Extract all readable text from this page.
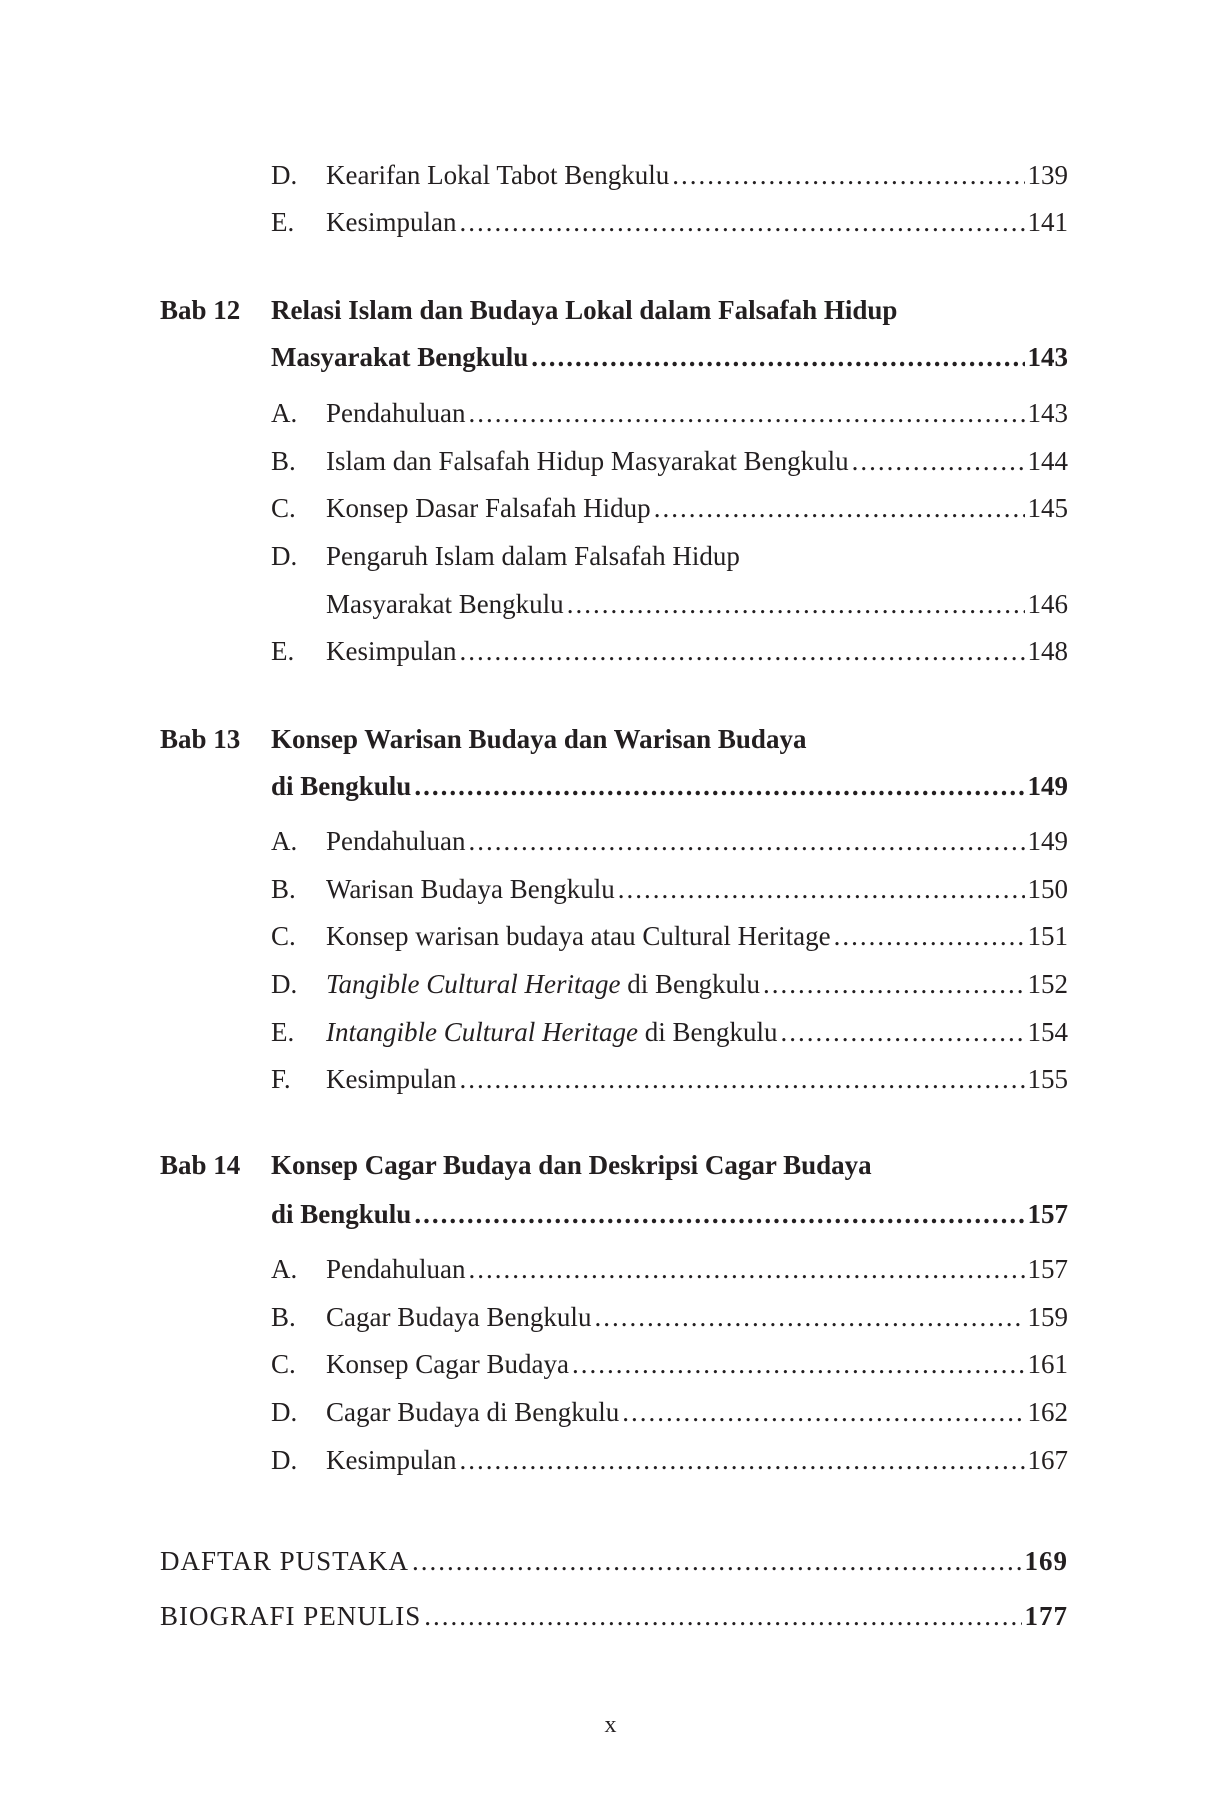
D. Kearifan Lokal Tabot Bengkulu .....	139
E. Kesimpulan .....	141
Bab 12 Relasi Islam dan Budaya Lokal dalam Falsafah Hidup
Masyarakat Bengkulu .....	143
A. Pendahuluan .....	143
B. Islam dan Falsafah Hidup Masyarakat Bengkulu .....	144
C. Konsep Dasar Falsafah Hidup .....	145
D. Pengaruh Islam dalam Falsafah Hidup
Masyarakat Bengkulu .....	146
E. Kesimpulan .....	148
Bab 13 Konsep Warisan Budaya dan Warisan Budaya
di Bengkulu .....	149
A. Pendahuluan .....	149
B. Warisan Budaya Bengkulu .....	150
C. Konsep warisan budaya atau Cultural Heritage .....	151
D. Tangible Cultural Heritage di Bengkulu .....	152
E. Intangible Cultural Heritage di Bengkulu .....	154
F. Kesimpulan .....	155
Bab 14 Konsep Cagar Budaya dan Deskripsi Cagar Budaya
di Bengkulu .....	157
A. Pendahuluan .....	157
B. Cagar Budaya Bengkulu .....	159
C. Konsep Cagar Budaya .....	161
D. Cagar Budaya di Bengkulu .....	162
D. Kesimpulan .....	167
DAFTAR PUSTAKA .....	169
BIOGRAFI PENULIS .....	177
x
